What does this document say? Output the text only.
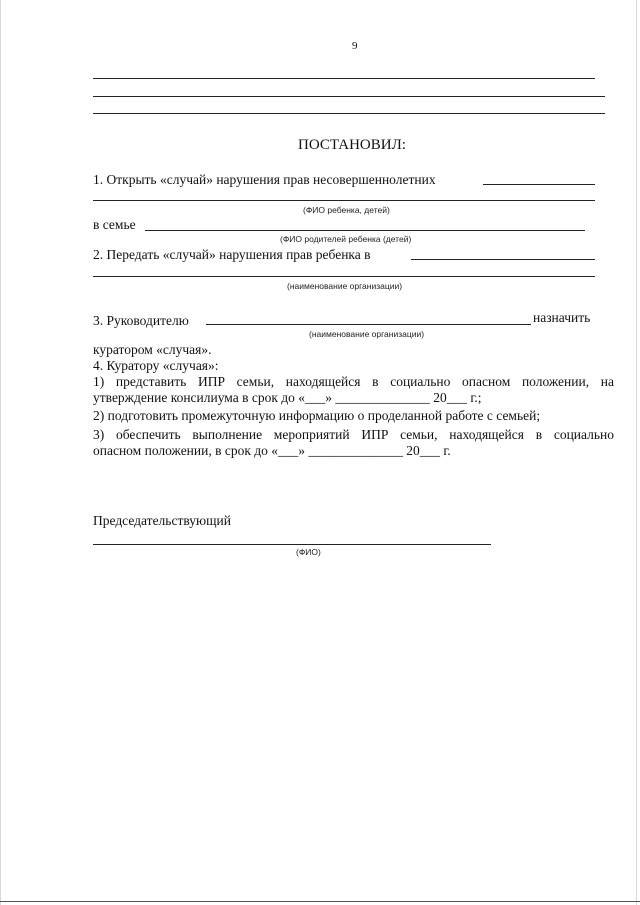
9
ПОСТАНОВИЛ:
1. Открыть «случай» нарушения прав несовершеннолетних
(ФИО ребенка, детей)
в семье
(ФИО родителей ребенка (детей)
2. Передать «случай» нарушения прав ребенка в
(наименование организации)
3. Руководителю	назначить
(наименование организации)
куратором «случая».
4. Куратору «случая»:
1) представить ИПР семьи, находящейся в социально опасном положении, на
утверждение консилиума в срок до «___» ______________ 20___ г.;
2) подготовить промежуточную информацию о проделанной работе с семьей;
3) обеспечить выполнение мероприятий ИПР семьи, находящейся в социально
опасном положении, в срок до «___» ______________ 20___ г.
Председательствующий
(ФИО)
